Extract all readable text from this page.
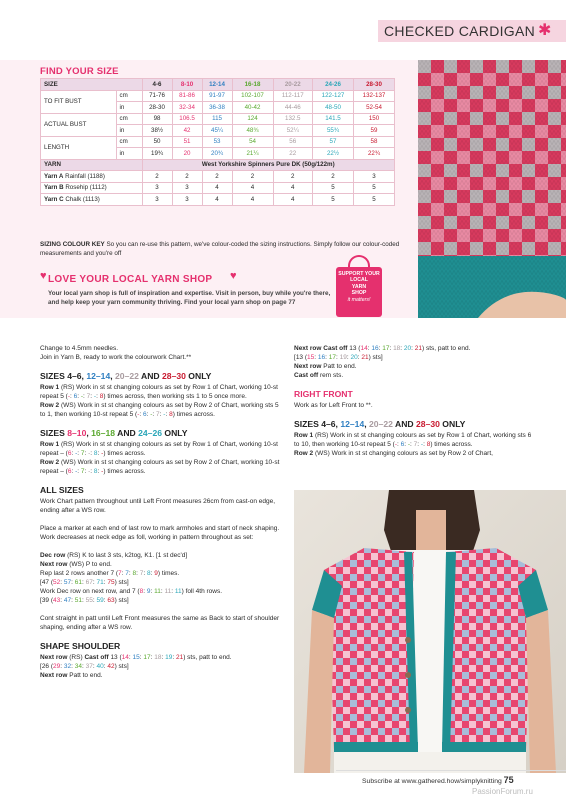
CHECKED CARDIGAN ✱
FIND YOUR SIZE
SIZE		4-6	8-10	12-14	16-18	20-22	24-26	28-30
TO FIT BUST	cm	71-76	81-86	91-97	102-107	112-117	122-127	132-137
	in	28-30	32-34	36-38	40-42	44-46	48-50	52-54
ACTUAL BUST	cm	98	106.5	115	124	132.5	141.5	150
	in	38½	42	45¼	48¾	52¼	55¾	59
LENGTH	cm	50	51	53	54	56	57	58
	in	19¾	20	20¾	21¼	22	22½	22¾
YARN		West Yorkshire Spinners Pure DK (50g/122m)						
Yarn A Rainfall (1188)		2	2	2	2	2	2	3
Yarn B Rosehip (1112)		3	3	4	4	4	5	5
Yarn C Chalk (1113)		3	3	4	4	4	5	5
SIZING COLOUR KEY So you can re-use this pattern, we've colour-coded the sizing instructions. Simply follow our colour-coded measurements and you're off
♥ LOVE YOUR LOCAL YARN SHOP ♥
Your local yarn shop is full of inspiration and expertise. Visit in person, buy while you're there, and help keep your yarn community thriving. Find your local yarn shop on page 77
SUPPORT YOUR
LOCAL
YARN
SHOP
it matters!

Change to 4.5mm needles.

Join in Yarn B, ready to work the colourwork Chart.**

SIZES 4–6, 12–14, 20–22 AND 28–30 ONLY

Row 1 (RS) Work in st st changing colours as set by Row 1 of Chart, working 10-st repeat 5 (-: 6: -: 7: -: 8) times across, then working sts 1 to 5 once more.

Row 2 (WS) Work in st st changing colours as set by Row 2 of Chart, working sts 5 to 1, then working 10-st repeat 5 (-: 6: -: 7: -: 8) times across.

SIZES 8–10, 16–18 AND 24–26 ONLY

Row 1 (RS) Work in st st changing colours as set by Row 1 of Chart, working 10-st repeat – (6: -: 7: -: 8: -) times across.

Row 2 (WS) Work in st st changing colours as set by Row 2 of Chart, working 10-st repeat – (6: -: 7: -: 8: -) times across.

ALL SIZES

Work Chart pattern throughout until Left Front measures 26cm from cast-on edge, ending after a WS row.

Place a marker at each end of last row to mark armholes and start of neck shaping. Work decreases at neck edge as foll, working in pattern throughout as set:

Dec row (RS) K to last 3 sts, k2tog, K1. [1 st dec'd]

Next row (WS) P to end.

Rep last 2 rows another 7 (7: 7: 8: 7: 8: 9) times.

[47 (52: 57: 61: 67: 71: 75) sts]

Work Dec row on next row, and 7 (8: 9: 11: 11: 11) foll 4th rows.

[39 (43: 47: 51: 55: 59: 63) sts]

Cont straight in patt until Left Front measures the same as Back to start of shoulder shaping, ending after a WS row.

SHAPE SHOULDER

Next row (RS) Cast off 13 (14: 15: 17: 18: 19: 21) sts, patt to end.

[26 (29: 32: 34: 37: 40: 42) sts]

Next row Patt to end.

Next row Cast off 13 (14: 16: 17: 18: 20: 21) sts, patt to end.

[13 (15: 16: 17: 19: 20: 21) sts]

Next row Patt to end.

Cast off rem sts.

RIGHT FRONT

Work as for Left Front to **.

SIZES 4–6, 12–14, 20–22 AND 28–30 ONLY

Row 1 (RS) Work in st st changing colours as set by Row 1 of Chart, working sts 6 to 10, then working 10-st repeat 5 (-: 6: -: 7: -: 8) times across.

Row 2 (WS) Work in st st changing colours as set by Row 2 of Chart,

Subscribe at www.gathered.how/simplyknitting 75
PassionForum.ru
